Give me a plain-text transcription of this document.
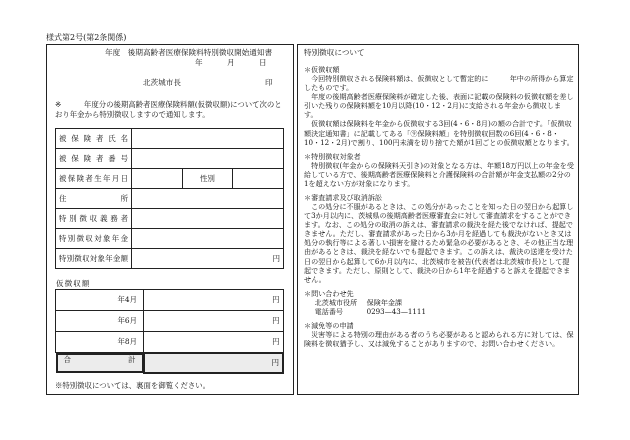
様式第2号(第2条関係)
年度　後期高齢者医療保険料特別徴収開始通知書
年	月	日
北茨城市長	印
※	年度分の後期高齢者医療保険料額(仮徴収額)について次のとおり年金から特別徴収しますので通知します。
被保険者氏名			
被保険者番号			
被保険者生年月日		性別	
住　所			
特別徴収義務者			
特別徴収対象年金			
特別徴収対象年金額	円		
仮徴収額
年4月	円
年6月	円
年8月	円

合	計	円
※特別徴収については、裏面を御覧ください。
特別徴収について
＊仮徴収額

今回特別徴収される保険料額は、仮徴収として暫定的に　　　年中の所得から算定したものです。

年度の後期高齢者医療保険料が確定した後、表面に記載の保険料の仮徴収額を差し引いた残りの保険料額を10月以降(10・12・2月)に支給される年金から徴収します。

仮徴収額は保険料を年金から仮徴収する3回(4・6・8月)の額の合計です。「仮徴収額決定通知書」に記載してある「⑨保険料額」を特別徴収回数の6回(4・6・8・10・12・2月)で割り、100円未満を切り捨てた額が1回ごとの仮徴収額となります。

＊特別徴収対象者

特別徴収(年金からの保険料天引き)の対象となる方は、年額18万円以上の年金を受給している方で、後期高齢者医療保険料と介護保険料の合計額が年金支払額の2分の1を超えない方が対象になります。

＊審査請求及び取消訴訟

この処分に不服があるときは、この処分があったことを知った日の翌日から起算して3か月以内に、茨城県の後期高齢者医療審査会に対して審査請求をすることができます。なお、この処分の取消の訴えは、審査請求の裁決を経た後でなければ、提起できません。ただし、審査請求があった日から3か月を経過しても裁決がないとき又は処分の執行等による著しい損害を避けるため緊急の必要があるとき、その他正当な理由があるときは、裁決を経ないでも提起できます。この訴えは、裁決の送達を受けた日の翌日から起算して6か月以内に、北茨城市を被告(代表者は北茨城市長)として提起できます。ただし、原則として、裁決の日から1年を経過すると訴えを提起できません。

＊問い合わせ先
北茨城市役所	保険年金課
電話番号	0293—43—1111
＊減免等の申請

災害等による特別の理由がある者のうち必要があると認められる方に対しては、保険料を徴収猶予し、又は減免することがありますので、お問い合わせください。
